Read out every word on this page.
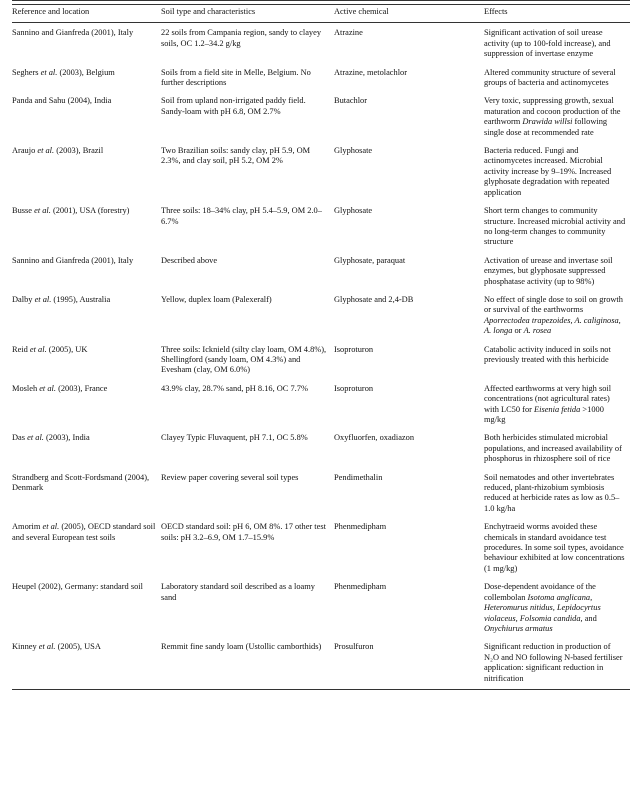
Reference and location	Soil type and characteristics	Active chemical	Effects
Sannino and Gianfreda (2001), Italy	22 soils from Campania region, sandy to clayey soils, OC 1.2–34.2 g/kg	Atrazine	Significant activation of soil urease activity (up to 100-fold increase), and suppression of invertase enzyme
Seghers et al. (2003), Belgium	Soils from a field site in Melle, Belgium. No further descriptions	Atrazine, metolachlor	Altered community structure of several groups of bacteria and actinomycetes
Panda and Sahu (2004), India	Soil from upland non-irrigated paddy field. Sandy-loam with pH 6.8, OM 2.7%	Butachlor	Very toxic, suppressing growth, sexual maturation and cocoon production of the earthworm Drawida willsi following single dose at recommended rate
Araujo et al. (2003), Brazil	Two Brazilian soils: sandy clay, pH 5.9, OM 2.3%, and clay soil, pH 5.2, OM 2%	Glyphosate	Bacteria reduced. Fungi and actinomycetes increased. Microbial activity increase by 9–19%. Increased glyphosate degradation with repeated application
Busse et al. (2001), USA (forestry)	Three soils: 18–34% clay, pH 5.4–5.9, OM 2.0–6.7%	Glyphosate	Short term changes to community structure. Increased microbial activity and no long-term changes to community structure
Sannino and Gianfreda (2001), Italy	Described above	Glyphosate, paraquat	Activation of urease and invertase soil enzymes, but glyphosate suppressed phosphatase activity (up to 98%)
Dalby et al. (1995), Australia	Yellow, duplex loam (Palexeralf)	Glyphosate and 2,4-DB	No effect of single dose to soil on growth or survival of the earthworms Aporrectodea trapezoides, A. caliginosa, A. longa or A. rosea
Reid et al. (2005), UK	Three soils: Icknield (silty clay loam, OM 4.8%), Shellingford (sandy loam, OM 4.3%) and Evesham (clay, OM 6.0%)	Isoproturon	Catabolic activity induced in soils not previously treated with this herbicide
Mosleh et al. (2003), France	43.9% clay, 28.7% sand, pH 8.16, OC 7.7%	Isoproturon	Affected earthworms at very high soil concentrations (not agricultural rates) with LC50 for Eisenia fetida >1000 mg/kg
Das et al. (2003), India	Clayey Typic Fluvaquent, pH 7.1, OC 5.8%	Oxyfluorfen, oxadiazon	Both herbicides stimulated microbial populations, and increased availability of phosphorus in rhizosphere soil of rice
Strandberg and Scott-Fordsmand (2004), Denmark	Review paper covering several soil types	Pendimethalin	Soil nematodes and other invertebrates reduced, plant-rhizobium symbiosis reduced at herbicide rates as low as 0.5–1.0 kg/ha
Amorim et al. (2005), OECD standard soil and several European test soils	OECD standard soil: pH 6, OM 8%. 17 other test soils: pH 3.2–6.9, OM 1.7–15.9%	Phenmedipham	Enchytraeid worms avoided these chemicals in standard avoidance test procedures. In some soil types, avoidance behaviour exhibited at low concentrations (1 mg/kg)
Heupel (2002), Germany: standard soil	Laboratory standard soil described as a loamy sand	Phenmedipham	Dose-dependent avoidance of the collembolan Isotoma anglicana, Heteromurus nitidus, Lepidocyrtus violaceus, Folsomia candida, and Onychiurus armatus
Kinney et al. (2005), USA	Remmit fine sandy loam (Ustollic camborthids)	Prosulfuron	Significant reduction in production of N₂O and NO following N-based fertiliser application: significant reduction in nitrification
